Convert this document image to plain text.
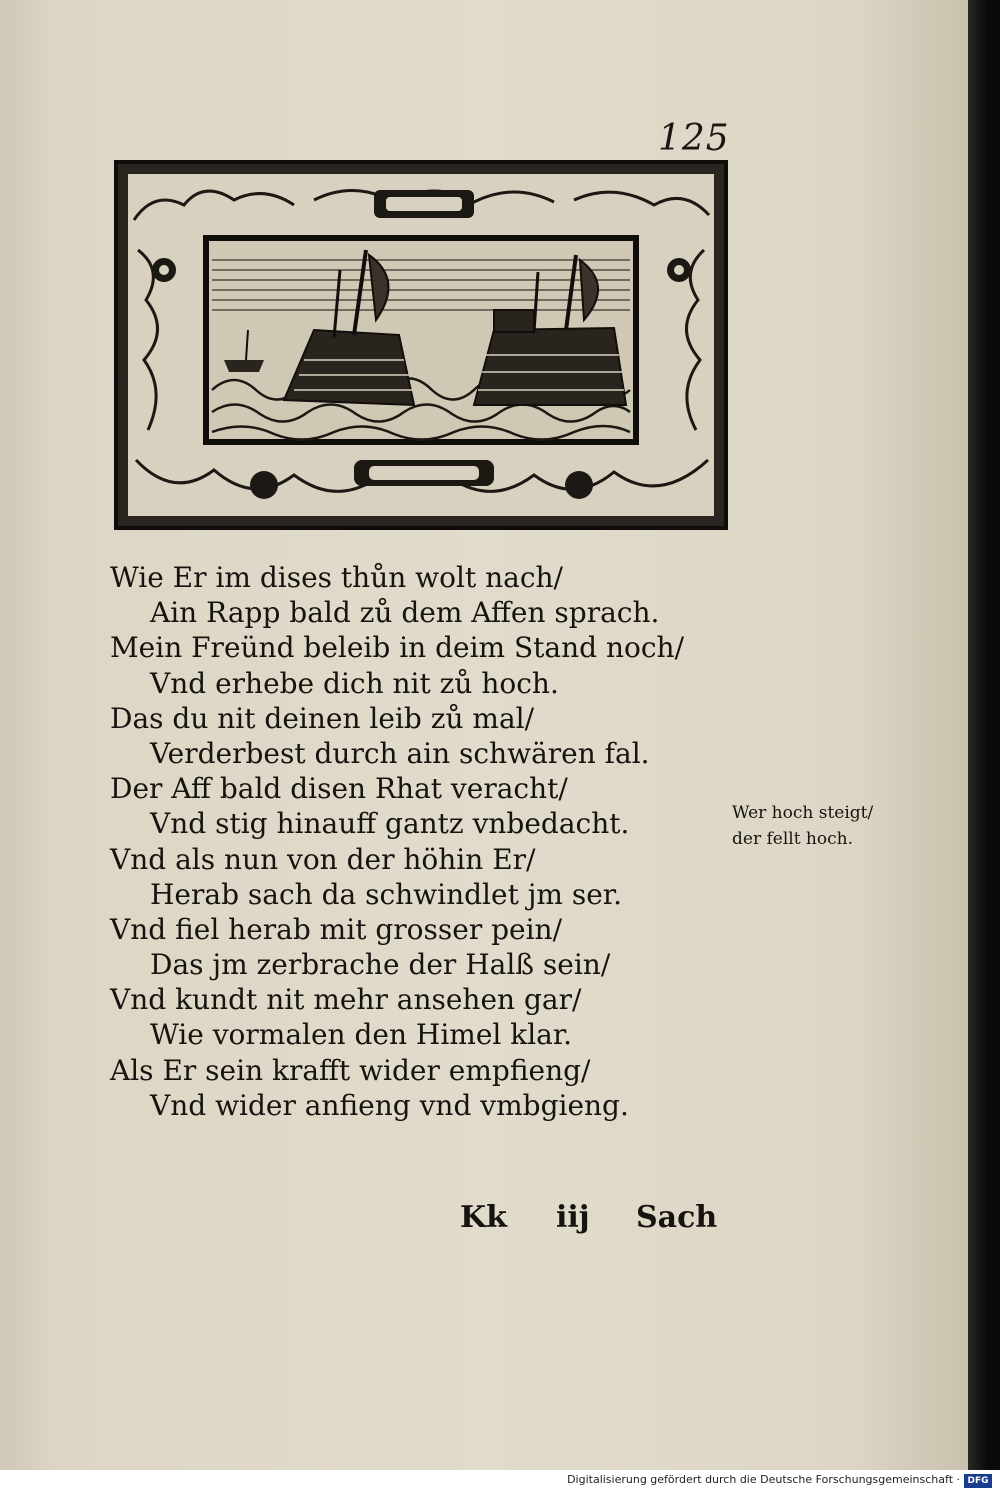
125
Wie Er im dises thůn wolt nach/
Ain Rapp bald zů dem Affen sprach.
Mein Freünd beleib in deim Stand noch/
Vnd erhebe dich nit zů hoch.
Das du nit deinen leib zů mal/
Verderbest durch ain schwären fal.
Der Aff bald disen Rhat veracht/
Vnd stig hinauff gantz vnbedacht.
Vnd als nun von der höhin Er/
Herab sach da schwindlet jm ser.
Vnd fiel herab mit grosser pein/
Das jm zerbrache der Halß sein/
Vnd kundt nit mehr ansehen gar/
Wie vormalen den Himel klar.
Als Er sein krafft wider empfieng/
Vnd wider anfieng vnd vmbgieng.
Wer hoch steigt/
der fellt hoch.
Kk iij Sach
Digitalisierung gefördert durch die Deutsche Forschungsgemeinschaft · DFG
